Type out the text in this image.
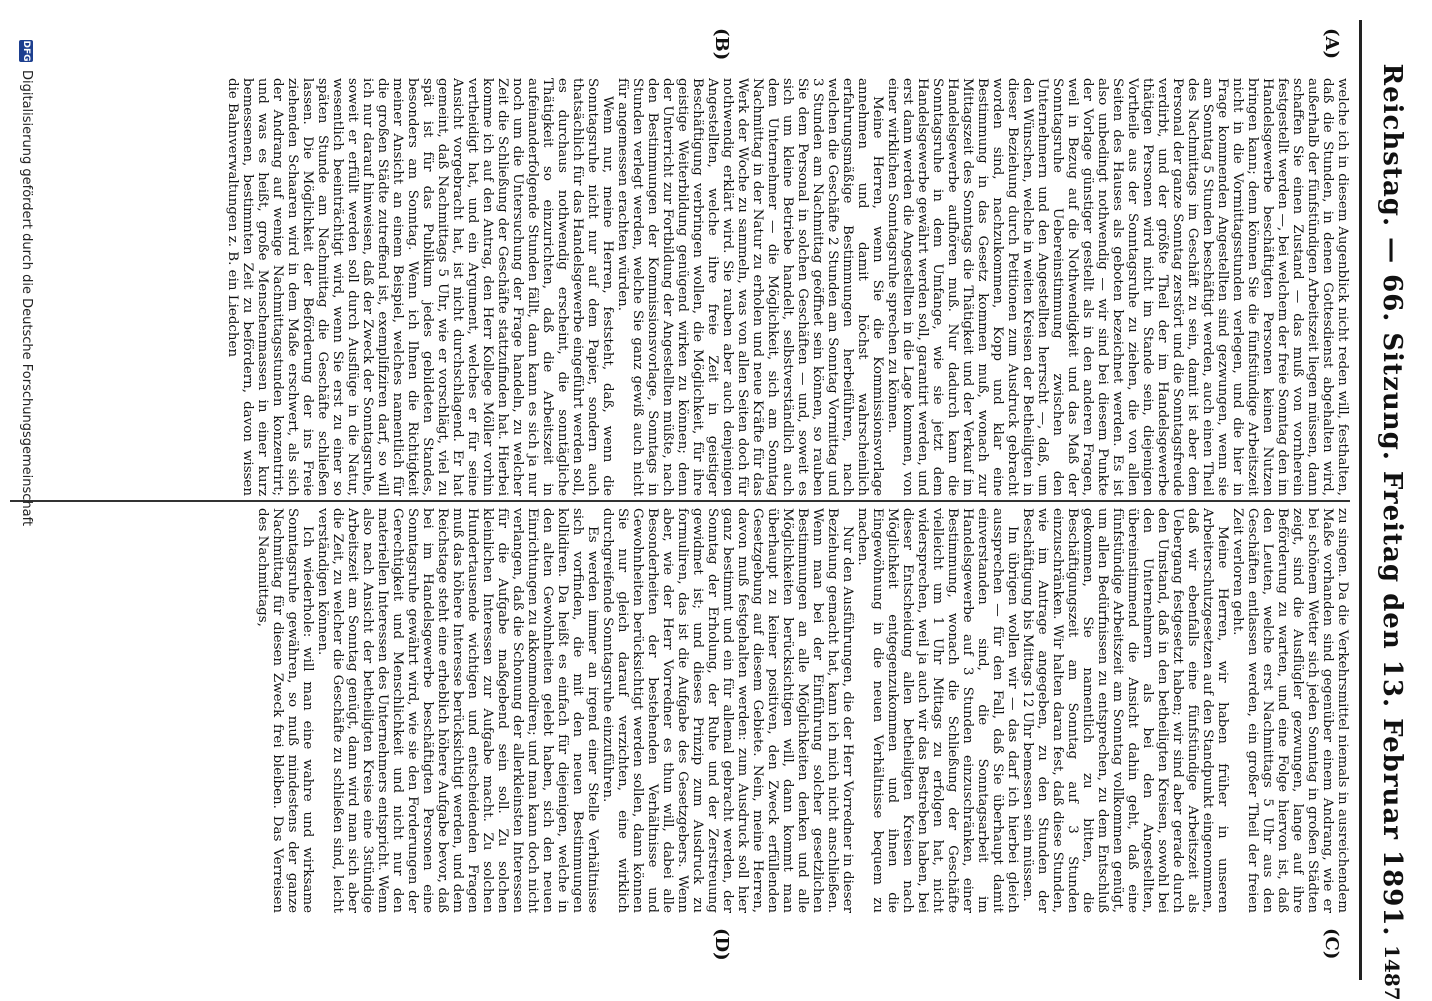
Reichstag. — 66. Sitzung. Freitag den 13. Februar 1891.
1487
(A)
(B)
(C)
(D)

welche ich in diesem Augenblick nicht reden will, festhalten, daß die Stunden, in denen Gottesdienst abgehalten wird, außerhalb der fünfstündigen Arbeitszeit liegen müssen, dann schaffen Sie einen Zustand — das muß von vornherein festgestellt werden —, bei welchem der freie Sonntag den im Handelsgewerbe beschäftigten Personen keinen Nutzen bringen kann; denn können Sie die fünfstündige Arbeitszeit nicht in die Vormittagsstunden verlegen, und die hier in Frage kommenden Angestellten sind gezwungen, wenn sie am Sonntag 5 Stunden beschäftigt werden, auch einen Theil des Nachmittags im Geschäft zu sein, damit ist aber dem Personal der ganze Sonntag zerstört und die Sonntagsfreude verdirbt, und der größte Theil der im Handelsgewerbe thätigen Personen wird nicht im Stande sein, diejenigen Vortheile aus der Sonntagsruhe zu ziehen, die von allen Seiten des Hauses als geboten bezeichnet werden. Es ist also unbedingt nothwendig — wir sind bei diesem Punkte der Vorlage günstiger gestellt als in den anderen Fragen, weil in Bezug auf die Nothwendigkeit und das Maß der Sonntagsruhe Uebereinstimmung zwischen den Unternehmern und den Angestellten herrscht —, daß, um den Wünschen, welche in weiten Kreisen der Betheiligten in dieser Beziehung durch Petitionen zum Ausdruck gebracht worden sind, nachzukommen, Kopp und klar eine Bestimmung in das Gesetz kommen muß, wonach zur Mittagszeit des Sonntags die Thätigkeit und der Verkauf im Handelsgewerbe aufhören muß. Nur dadurch kann die Sonntagsruhe in dem Umfange, wie sie jetzt dem Handelsgewerbe gewährt werden soll, garantirt werden, und erst dann werden die Angestellten in die Lage kommen, von einer wirklichen Sonntagsruhe sprechen zu können.

Meine Herren, wenn Sie die Kommissionsvorlage annehmen und damit höchst wahrscheinlich erfahrungsmäßige Bestimmungen herbeiführen, nach welchen die Geschäfte 2 Stunden am Sonntag Vormittag und 3 Stunden am Nachmittag geöffnet sein können, so rauben Sie dem Personal in solchen Geschäften — und, soweit es sich um kleine Betriebe handelt, selbstverständlich auch dem Unternehmer — die Möglichkeit, sich am Sonntag Nachmittag in der Natur zu erholen und neue Kräfte für das Werk der Woche zu sammeln, was von allen Seiten doch für nothwendig erklärt wird. Sie rauben aber auch denjenigen Angestellten, welche ihre freie Zeit in geistiger Beschäftigung verbringen wollen, die Möglichkeit, für ihre geistige Weiterbildung genügend wirken zu können; denn der Unterricht zur Fortbildung der Angestellten müßte, nach den Bestimmungen der Kommissionsvorlage, Sonntags in Stunden verlegt werden, welche Sie ganz gewiß auch nicht für angemessen erachten würden.

Wenn nur, meine Herren, feststeht, daß, wenn die Sonntagsruhe nicht nur auf dem Papier, sondern auch thatsächlich für das Handelsgewerbe eingeführt werden soll, es durchaus nothwendig erscheint, die sonntägliche Thätigkeit so einzurichten, daß die Arbeitszeit in aufeinanderfolgende Stunden fällt, dann kann es sich ja nur noch um die Untersuchung der Frage handeln, zu welcher Zeit die Schließung der Geschäfte stattzufinden hat. Hierbei komme ich auf den Antrag, den Herr Kollege Möller vorhin vertheidigt hat, und ein Argument, welches er für seine Ansicht vorgebracht hat, ist nicht durchschlagend. Er hat gemeint, daß Nachmittags 5 Uhr, wie er vorschlägt, viel zu spät ist für das Publikum jedes gebildeten Standes, besonders am Sonntag. Wenn ich Ihnen die Richtigkeit meiner Ansicht an einem Beispiel, welches namentlich für die großen Städte zutreffend ist, exemplifiziren darf, so will ich nur darauf hinweisen, daß der Zweck der Sonntagsruhe, soweit er erfüllt werden soll durch Ausflüge in die Natur, wesentlich beeinträchtigt wird, wenn Sie erst zu einer so späten Stunde am Nachmittag die Geschäfte schließen lassen. Die Möglichkeit der Beförderung der ins Freie ziehenden Schaaren wird in dem Maße erschwert, als sich der Andrang auf wenige Nachmittagsstunden konzentrirt; und was es heißt, große Menschenmassen in einer kurz bemessenen, bestimmten Zeit zu befördern, davon wissen die Bahnverwaltungen z. B. ein Liedchen

zu singen. Da die Verkehrsmittel niemals in ausreichendem Maße vorhanden sind gegenüber einem Andrang, wie er bei schönem Wetter sich jeden Sonntag in großen Städten zeigt, sind die Ausflügler gezwungen, lange auf ihre Beförderung zu warten, und eine Folge hiervon ist, daß den Leuten, welche erst Nachmittags 5 Uhr aus den Geschäften entlassen werden, ein großer Theil der freien Zeit verloren geht.

Meine Herren, wir haben früher in unseren Arbeiterschutzgesetzen auf den Standpunkt eingenommen, daß wir ebenfalls eine fünfstündige Arbeitszeit als Uebergang festgesetzt haben; wir sind aber gerade durch den Umstand, daß in den betheiligten Kreisen, sowohl bei den Unternehmern als bei den Angestellten, übereinstimmend die Ansicht dahin geht, daß eine fünfstündige Arbeitszeit am Sonntag vollkommen genügt, um allen Bedürfnissen zu entsprechen, zu dem Entschluß gekommen, Sie namentlich zu bitten, die Beschäftigungszeit am Sonntag auf 3 Stunden einzuschränken. Wir halten daran fest, daß diese Stunden, wie im Antrage angegeben, zu den Stunden der Beschäftigung bis Mittags 12 Uhr bemessen sein müssen.

Im übrigen wollen wir — das darf ich hierbei gleich aussprechen — für den Fall, daß Sie überhaupt damit einverstanden sind, die Sonntagsarbeit im Handelsgewerbe auf 3 Stunden einzuschränken, einer Bestimmung, wonach die Schließung der Geschäfte vielleicht um 1 Uhr Mittags zu erfolgen hat, nicht widersprechen, weil ja auch wir das Bestreben haben, bei dieser Entscheidung allen betheiligten Kreisen nach Möglichkeit entgegenzukommen und ihnen die Eingewöhnung in die neuen Verhältnisse bequem zu machen.

Nur den Ausführungen, die der Herr Vorredner in dieser Beziehung gemacht hat, kann ich mich nicht anschließen. Wenn man bei der Einführung solcher gesetzlichen Bestimmungen an alle Möglichkeiten denken und alle Möglichkeiten berücksichtigen will, dann kommt man überhaupt zu keiner positiven, den Zweck erfüllenden Gesetzgebung auf diesem Gebiete. Nein, meine Herren, davon muß festgehalten werden: zum Ausdruck soll hier ganz bestimmt und ein für allemal gebracht werden, der Sonntag der Erholung, der Ruhe und der Zerstreuung gewidmet ist; und dieses Prinzip zum Ausdruck zu formuliren, das ist die Aufgabe des Gesetzgebers. Wenn aber, wie der Herr Vorredner es thun will, dabei alle Besonderheiten der bestehenden Verhältnisse und Gewohnheiten berücksichtigt werden sollen, dann können Sie nur gleich darauf verzichten, eine wirklich durchgreifende Sonntagsruhe einzuführen.

Es werden immer an irgend einer Stelle Verhältnisse sich vorfinden, die mit den neuen Bestimmungen kollidiren. Da heißt es einfach für diejenigen, welche in den alten Gewohnheiten gelebt haben, sich den neuen Einrichtungen zu akkommodiren; und man kann doch nicht verlangen, daß die Schonung der allerkleinsten Interessen für die Aufgabe maßgebend sein soll. Zu solchen kleinlichen Interessen zur Aufgabe macht. Zu solchen Hundertausende wichtigen und entscheidenden Fragen muß das höhere Interesse berücksichtigt werden, und dem Reichstage steht eine erheblich höhere Aufgabe bevor, daß bei im Handelsgewerbe beschäftigten Personen eine Sonntagsruhe gewährt wird, wie sie den Forderungen der Gerechtigkeit und Menschlichkeit und nicht nur den materiellen Interessen des Unternehmers entspricht. Wenn also nach Ansicht der betheiligten Kreise eine 3stündige Arbeitszeit am Sonntag genügt, dann wird man sich aber die Zeit, zu welcher die Geschäfte zu schließen sind, leicht verständigen können.

Ich wiederhole: will man eine wahre und wirksame Sonntagsruhe gewähren, so muß mindestens der ganze Nachmittag für diesen Zweck frei bleiben. Das Verreisen des Nachmittags,

DFG
Digitalisierung gefördert durch die Deutsche Forschungsgemeinschaft
